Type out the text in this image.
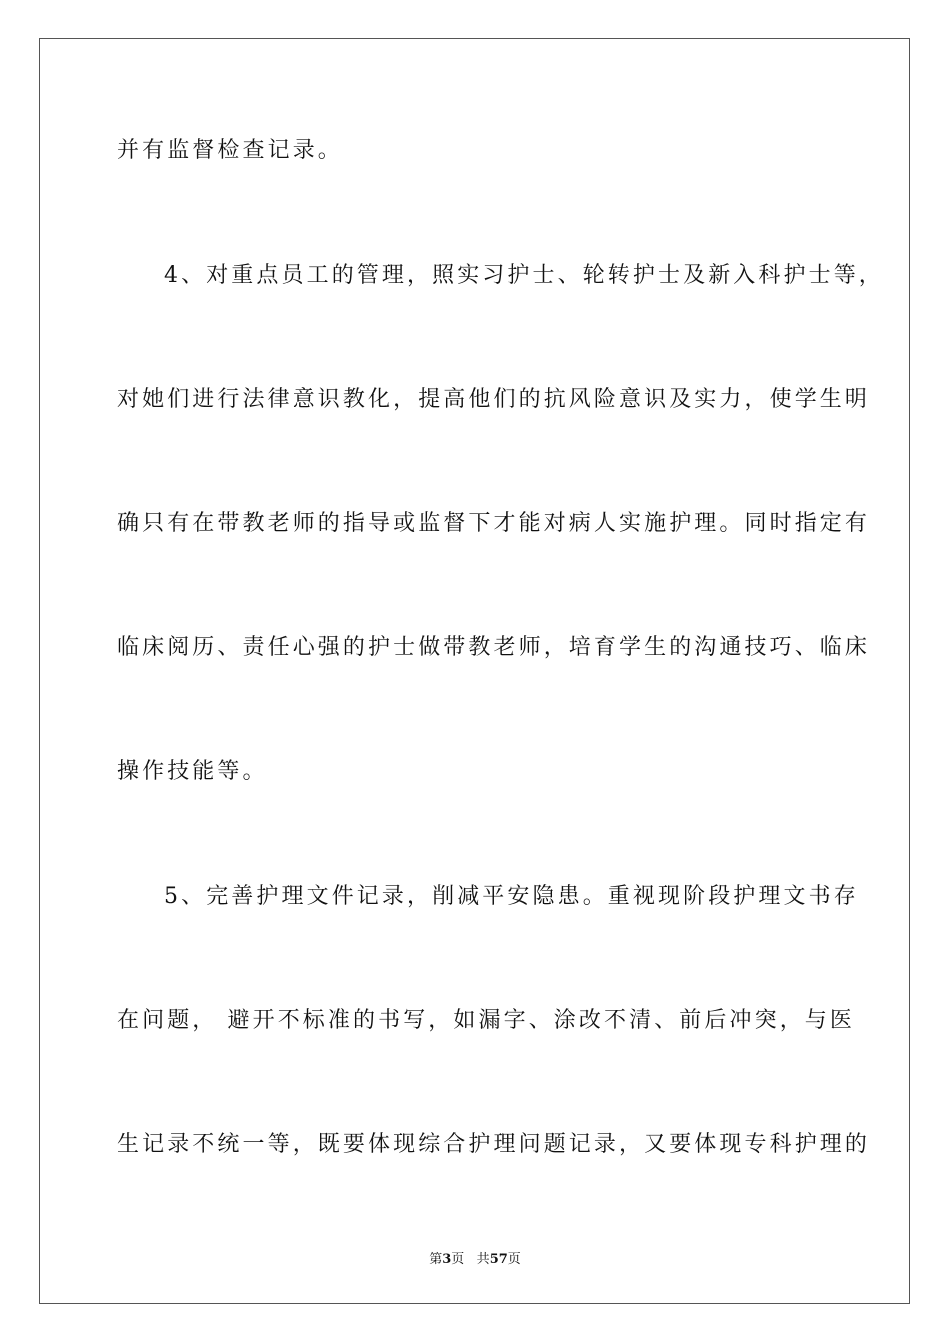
并有监督检查记录。
4、对重点员工的管理，照实习护士、轮转护士及新入科护士等，
对她们进行法律意识教化，提高他们的抗风险意识及实力，使学生明
确只有在带教老师的指导或监督下才能对病人实施护理。同时指定有
临床阅历、责任心强的护士做带教老师，培育学生的沟通技巧、临床
操作技能等。
5、完善护理文件记录，削减平安隐患。重视现阶段护理文书存
在问题， 避开不标准的书写，如漏字、涂改不清、前后冲突，与医
生记录不统一等，既要体现综合护理问题记录，又要体现专科护理的
第3页 共57页
